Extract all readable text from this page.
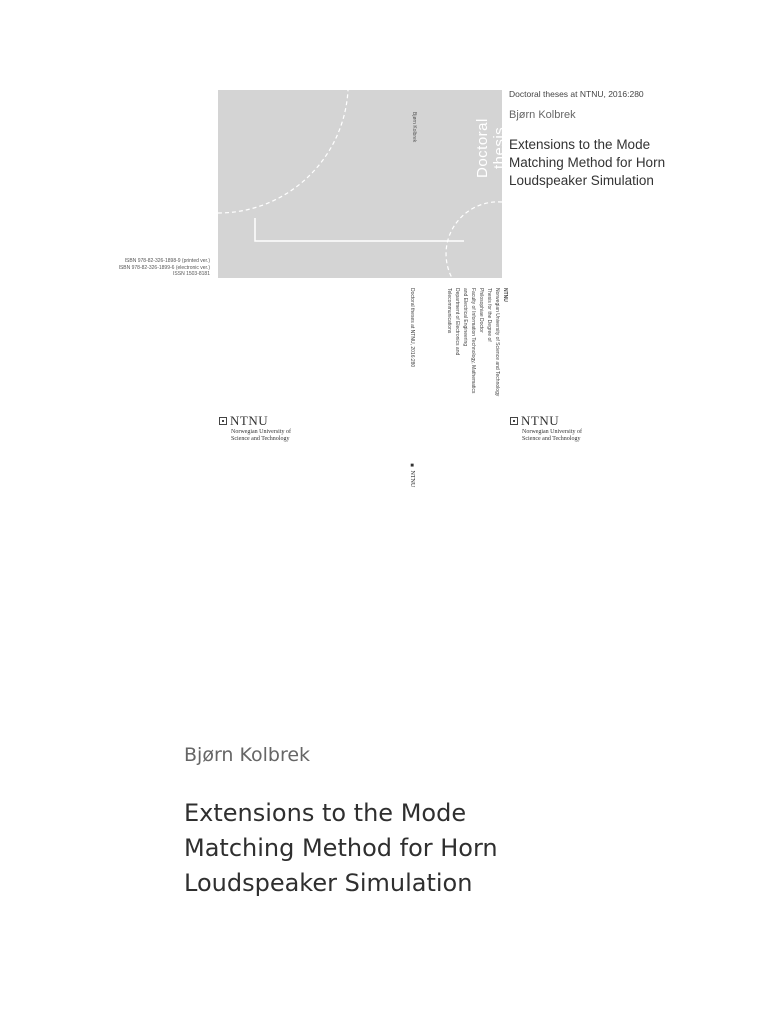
Doctoral thesis
Bjørn Kolbrek
Doctoral theses at NTNU, 2016:280
Bjørn Kolbrek
Extensions to the Mode
Matching Method for Horn
Loudspeaker Simulation
ISBN 978-82-326-1898-9 (printed ver.)
ISBN 978-82-326-1899-6 (electronic ver.)
ISSN 1503-8181
Doctoral theses at NTNU, 2016:280	NTNU
Norwegian University of Science and Technology
Thesis for the Degree of
Philosophiae Doctor
Faculty of Information Technology, Mathematics
and Electrical Engineering
Department of Electronics and
Telecommunications
NTNU
Norwegian University of
Science and Technology
NTNU
Norwegian University of
Science and Technology
■ NTNU
Bjørn Kolbrek
Extensions to the Mode
Matching Method for Horn
Loudspeaker Simulation
